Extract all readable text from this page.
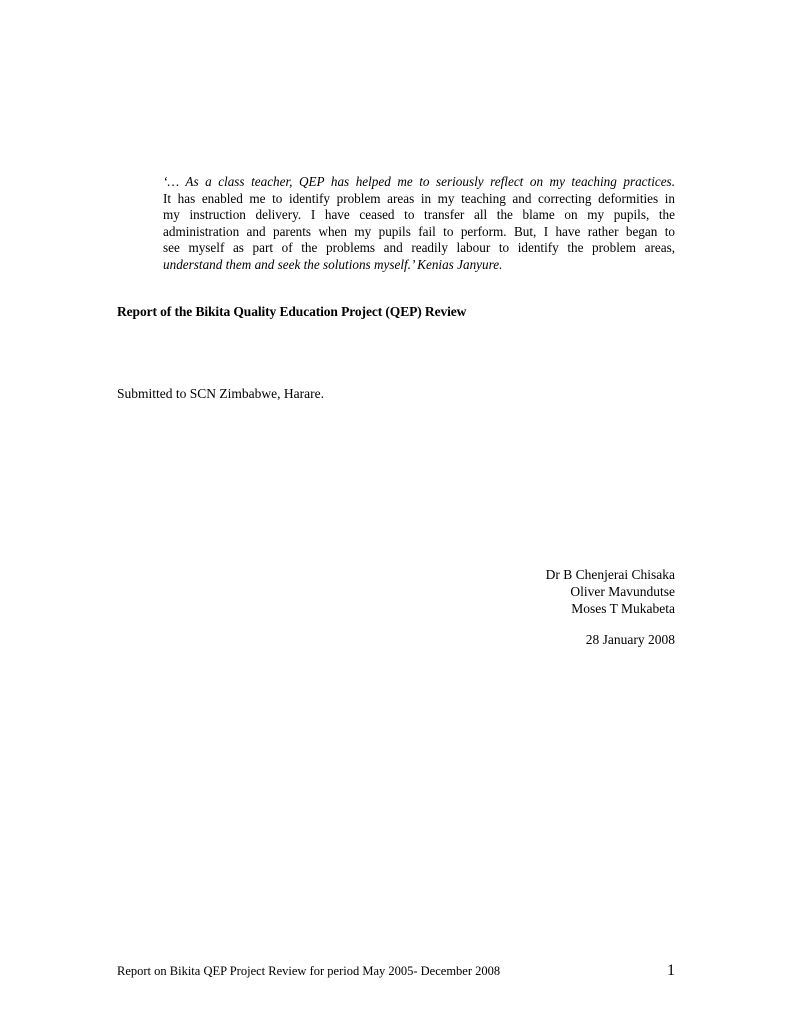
‘… As a class teacher, QEP has helped me to seriously reflect on my teaching practices.
It has enabled me to identify problem areas in my teaching and correcting deformities in
my instruction delivery. I have ceased to transfer all the blame on my pupils, the
administration and parents when my pupils fail to perform. But, I have rather began to
see myself as part of the problems and readily labour to identify the problem areas,
understand them and seek the solutions myself.’ Kenias Janyure.
Report of the Bikita Quality Education Project (QEP) Review
Submitted to SCN Zimbabwe, Harare.
Dr B Chenjerai Chisaka
Oliver Mavundutse
Moses T Mukabeta
28 January 2008
Report on Bikita QEP Project Review for period May 2005- December 2008	1
